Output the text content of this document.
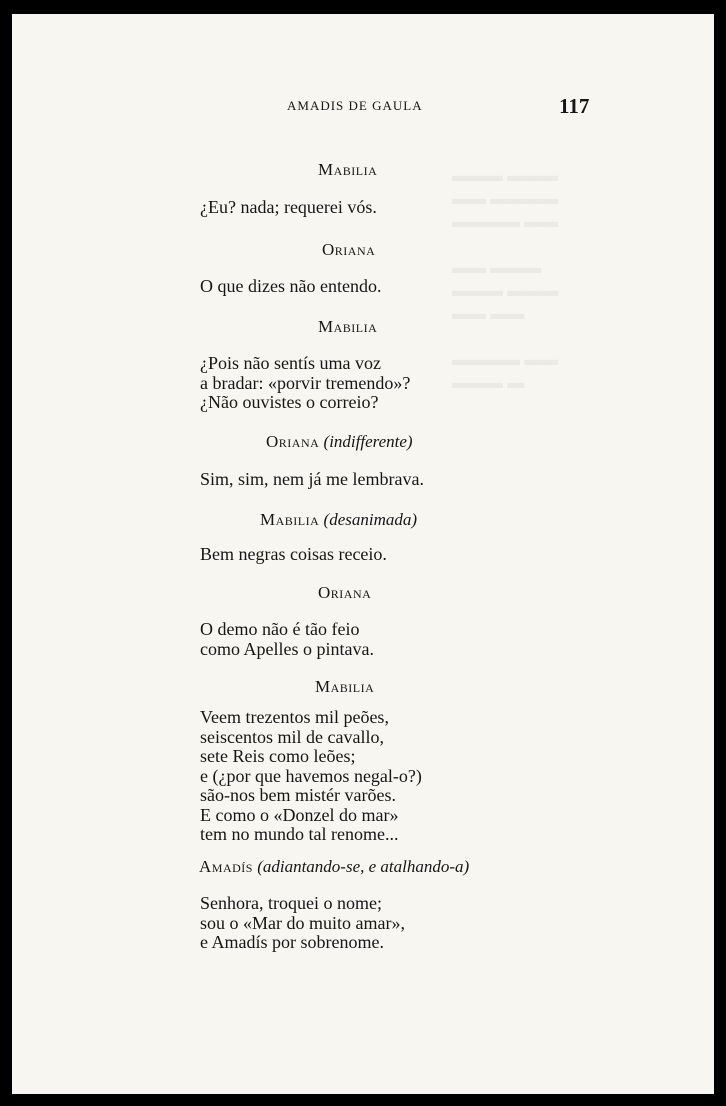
▬▬▬ ▬▬▬
▬▬ ▬▬▬▬
▬▬▬▬ ▬▬

▬▬ ▬▬▬
▬▬▬ ▬▬▬
▬▬ ▬▬

▬▬▬▬ ▬▬
▬▬▬ ▬
AMADIS DE GAULA	117
Mabilia
¿Eu? nada; requerei vós.
Oriana
O que dizes não entendo.
Mabilia
¿Pois não sentís uma voz
a bradar: «porvir tremendo»?
¿Não ouvistes o correio?
Oriana (indifferente)
Sim, sim, nem já me lembrava.
Mabilia (desanimada)
Bem negras coisas receio.
Oriana
O demo não é tão feio
como Apelles o pintava.
Mabilia
Veem trezentos mil peões,
seiscentos mil de cavallo,
sete Reis como leões;
e (¿por que havemos negal-o?)
são-nos bem mistér varões.
E como o «Donzel do mar»
tem no mundo tal renome...
Amadís (adiantando-se, e atalhando-a)
Senhora, troquei o nome;
sou o «Mar do muito amar»,
e Amadís por sobrenome.
